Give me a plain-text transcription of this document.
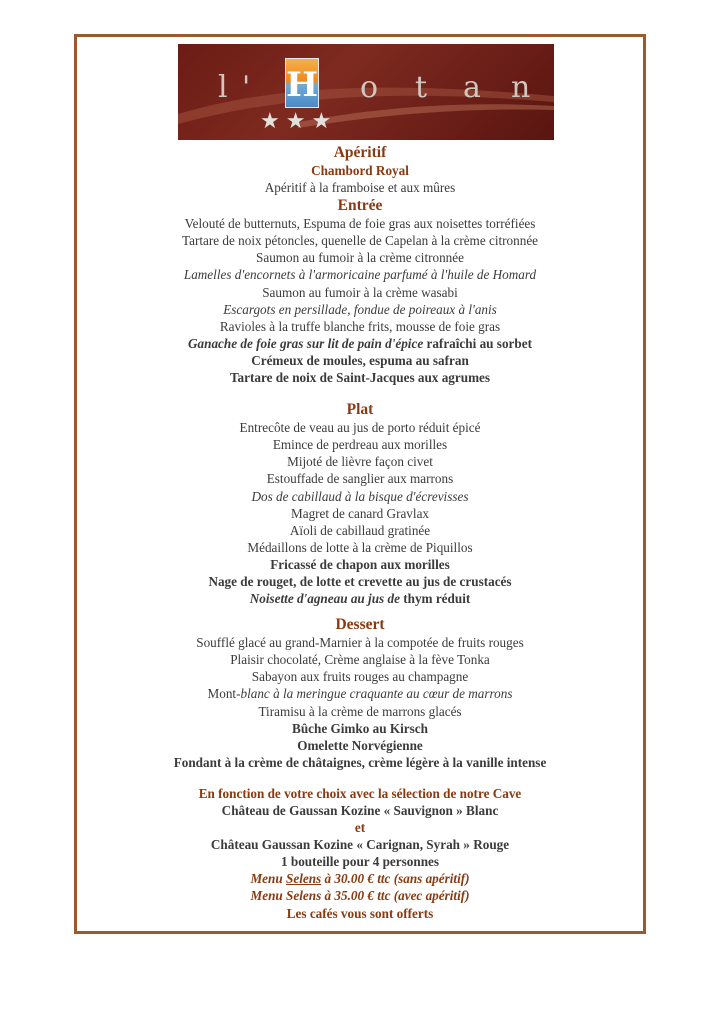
l '	o t a n
H
★★★
Apéritif
Chambord Royal
Apéritif à la framboise et aux mûres
Entrée
Velouté de butternuts, Espuma de foie gras aux noisettes torréfiées
Tartare de noix pétoncles, quenelle de Capelan à la crème citronnée
Saumon au fumoir à la crème citronnée
Lamelles d'encornets à l'armoricaine parfumé à l'huile de Homard
Saumon au fumoir à la crème wasabi
Escargots en persillade, fondue de poireaux à l'anis
Ravioles à la truffe blanche frits, mousse de foie gras
Ganache de foie gras sur lit de pain d'épice rafraîchi au sorbet
Crémeux de moules, espuma au safran
Tartare de noix de Saint-Jacques aux agrumes
Plat
Entrecôte de veau au jus de porto réduit épicé
Emince de perdreau aux morilles
Mijoté de lièvre façon civet
Estouffade de sanglier aux marrons
Dos de cabillaud à la bisque d'écrevisses
Magret de canard Gravlax
Aïoli de cabillaud gratinée
Médaillons de lotte à la crème de Piquillos
Fricassé de chapon aux morilles
Nage de rouget, de lotte et crevette au jus de crustacés
Noisette d'agneau au jus de thym réduit
Dessert
Soufflé glacé au grand-Marnier à la compotée de fruits rouges
Plaisir chocolaté, Crème anglaise à la fève Tonka
Sabayon aux fruits rouges au champagne
Mont-blanc à la meringue craquante au cœur de marrons
Tiramisu à la crème de marrons glacés
Bûche Gimko au Kirsch
Omelette Norvégienne
Fondant à la crème de châtaignes, crème légère à la vanille intense
En fonction de votre choix avec la sélection de notre Cave
Château de Gaussan Kozine « Sauvignon » Blanc
et
Château Gaussan Kozine « Carignan, Syrah » Rouge
1 bouteille pour 4 personnes
Menu Selens à 30.00 € ttc (sans apéritif)
Menu Selens à 35.00 € ttc (avec apéritif)
Les cafés vous sont offerts
